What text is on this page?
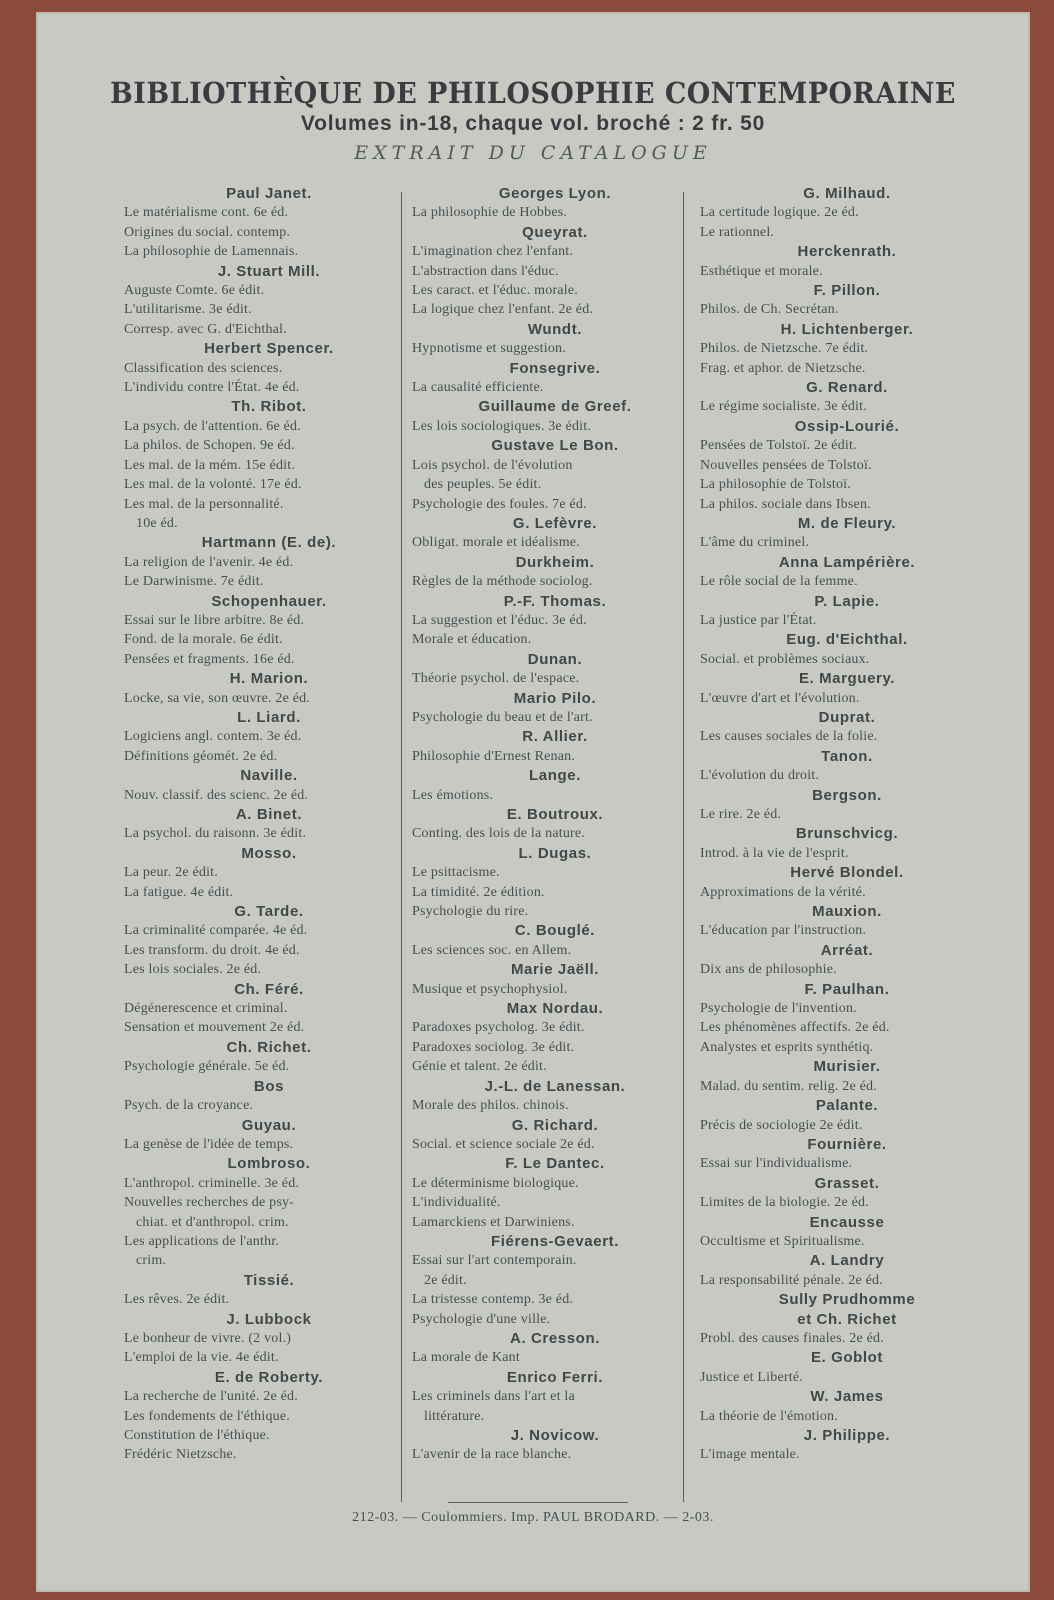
BIBLIOTHÈQUE DE PHILOSOPHIE CONTEMPORAINE
Volumes in-18, chaque vol. broché : 2 fr. 50
EXTRAIT DU CATALOGUE
Paul Janet.
Le matérialisme cont. 6e éd.
Origines du social. contemp.
La philosophie de Lamennais.
J. Stuart Mill.
Auguste Comte. 6e édit.
L'utilitarisme. 3e édit.
Corresp. avec G. d'Eichthal.
Herbert Spencer.
Classification des sciences.
L'individu contre l'État. 4e éd.
Th. Ribot.
La psych. de l'attention. 6e éd.
La philos. de Schopen. 9e éd.
Les mal. de la mém. 15e édit.
Les mal. de la volonté. 17e éd.
Les mal. de la personnalité.
10e éd.
Hartmann (E. de).
La religion de l'avenir. 4e éd.
Le Darwinisme. 7e édit.
Schopenhauer.
Essai sur le libre arbitre. 8e éd.
Fond. de la morale. 6e édit.
Pensées et fragments. 16e éd.
H. Marion.
Locke, sa vie, son œuvre. 2e éd.
L. Liard.
Logiciens angl. contem. 3e éd.
Définitions géomét. 2e éd.
Naville.
Nouv. classif. des scienc. 2e éd.
A. Binet.
La psychol. du raisonn. 3e édit.
Mosso.
La peur. 2e édit.
La fatigue. 4e édit.
G. Tarde.
La criminalité comparée. 4e éd.
Les transform. du droit. 4e éd.
Les lois sociales. 2e éd.
Ch. Féré.
Dégénerescence et criminal.
Sensation et mouvement 2e éd.
Ch. Richet.
Psychologie générale. 5e éd.
Bos
Psych. de la croyance.
Guyau.
La genèse de l'idée de temps.
Lombroso.
L'anthropol. criminelle. 3e éd.
Nouvelles recherches de psy-
chiat. et d'anthropol. crim.
Les applications de l'anthr.
crim.
Tissié.
Les rêves. 2e édit.
J. Lubbock
Le bonheur de vivre. (2 vol.)
L'emploi de la vie. 4e édit.
E. de Roberty.
La recherche de l'unité. 2e éd.
Les fondements de l'éthique.
Constitution de l'éthique.
Frédéric Nietzsche.
Georges Lyon.
La philosophie de Hobbes.
Queyrat.
L'imagination chez l'enfant.
L'abstraction dans l'éduc.
Les caract. et l'éduc. morale.
La logique chez l'enfant. 2e éd.
Wundt.
Hypnotisme et suggestion.
Fonsegrive.
La causalité efficiente.
Guillaume de Greef.
Les lois sociologiques. 3e édit.
Gustave Le Bon.
Lois psychol. de l'évolution
des peuples. 5e édit.
Psychologie des foules. 7e éd.
G. Lefèvre.
Obligat. morale et idéalisme.
Durkheim.
Règles de la méthode sociolog.
P.-F. Thomas.
La suggestion et l'éduc. 3e éd.
Morale et éducation.
Dunan.
Théorie psychol. de l'espace.
Mario Pilo.
Psychologie du beau et de l'art.
R. Allier.
Philosophie d'Ernest Renan.
Lange.
Les émotions.
E. Boutroux.
Conting. des lois de la nature.
L. Dugas.
Le psittacisme.
La timidité. 2e édition.
Psychologie du rire.
C. Bouglé.
Les sciences soc. en Allem.
Marie Jaëll.
Musique et psychophysiol.
Max Nordau.
Paradoxes psycholog. 3e édit.
Paradoxes sociolog. 3e édit.
Génie et talent. 2e édit.
J.-L. de Lanessan.
Morale des philos. chinois.
G. Richard.
Social. et science sociale 2e éd.
F. Le Dantec.
Le déterminisme biologique.
L'individualité.
Lamarckiens et Darwiniens.
Fiérens-Gevaert.
Essai sur l'art contemporain.
2e édit.
La tristesse contemp. 3e éd.
Psychologie d'une ville.
A. Cresson.
La morale de Kant
Enrico Ferri.
Les criminels dans l'art et la
littérature.
J. Novicow.
L'avenir de la race blanche.
G. Milhaud.
La certitude logique. 2e éd.
Le rationnel.
Herckenrath.
Esthétique et morale.
F. Pillon.
Philos. de Ch. Secrétan.
H. Lichtenberger.
Philos. de Nietzsche. 7e édit.
Frag. et aphor. de Nietzsche.
G. Renard.
Le régime socialiste. 3e édit.
Ossip-Lourié.
Pensées de Tolstoï. 2e édit.
Nouvelles pensées de Tolstoï.
La philosophie de Tolstoï.
La philos. sociale dans Ibsen.
M. de Fleury.
L'âme du criminel.
Anna Lampérière.
Le rôle social de la femme.
P. Lapie.
La justice par l'État.
Eug. d'Eichthal.
Social. et problèmes sociaux.
E. Marguery.
L'œuvre d'art et l'évolution.
Duprat.
Les causes sociales de la folie.
Tanon.
L'évolution du droit.
Bergson.
Le rire. 2e éd.
Brunschvicg.
Introd. à la vie de l'esprit.
Hervé Blondel.
Approximations de la vérité.
Mauxion.
L'éducation par l'instruction.
Arréat.
Dix ans de philosophie.
F. Paulhan.
Psychologie de l'invention.
Les phénomènes affectifs. 2e éd.
Analystes et esprits synthétiq.
Murisier.
Malad. du sentim. relig. 2e éd.
Palante.
Précis de sociologie 2e édit.
Fournière.
Essai sur l'individualisme.
Grasset.
Limites de la biologie. 2e éd.
Encausse
Occultisme et Spiritualisme.
A. Landry
La responsabilité pénale. 2e éd.
Sully Prudhomme
et Ch. Richet
Probl. des causes finales. 2e éd.
E. Goblot
Justice et Liberté.
W. James
La théorie de l'émotion.
J. Philippe.
L'image mentale.
212-03. — Coulommiers. Imp. PAUL BRODARD. — 2-03.
